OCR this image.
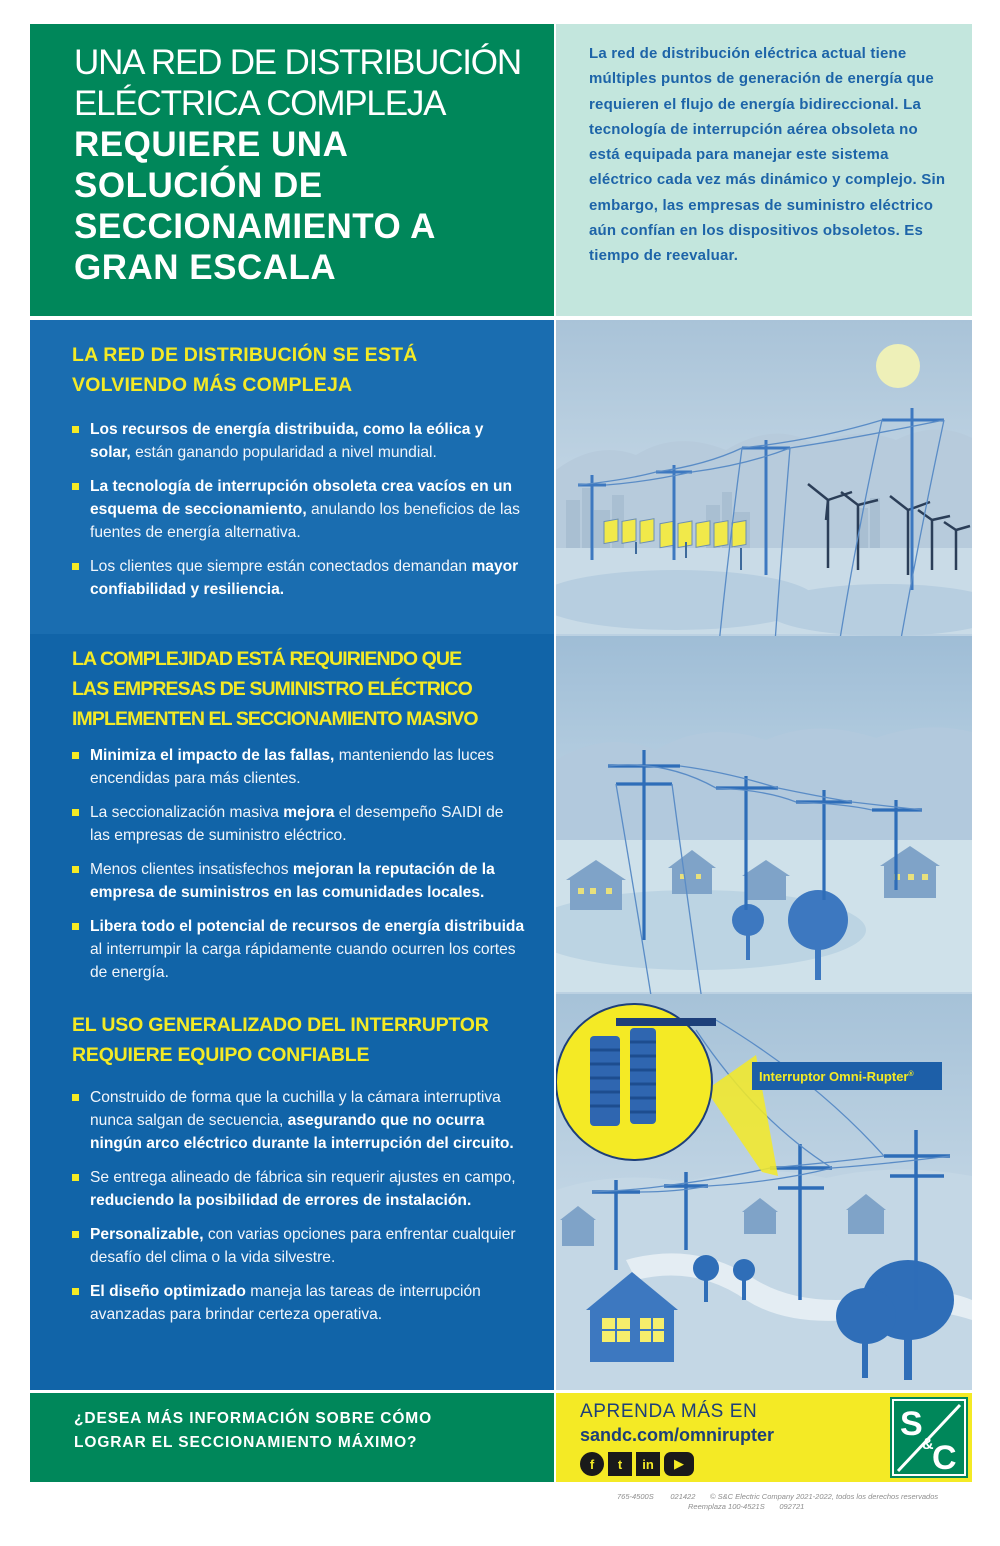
UNA RED DE DISTRIBUCIÓN
ELÉCTRICA COMPLEJA
REQUIERE UNA
SOLUCIÓN DE
SECCIONAMIENTO A
GRAN ESCALA

La red de distribución eléctrica actual tiene múltiples puntos de generación de energía que requieren el flujo de energía bidireccional. La tecnología de interrupción aérea obsoleta no está equipada para manejar este sistema eléctrico cada vez más dinámico y complejo. Sin embargo, las empresas de suministro eléctrico aún confían en los dispositivos obsoletos. Es tiempo de reevaluar.

LA RED DE DISTRIBUCIÓN SE ESTÁ
VOLVIENDO MÁS COMPLEJA
Los recursos de energía distribuida, como la eólica y solar, están ganando popularidad a nivel mundial.
La tecnología de interrupción obsoleta crea vacíos en un esquema de seccionamiento, anulando los beneficios de las fuentes de energía alternativa.
Los clientes que siempre están conectados demandan mayor confiabilidad y resiliencia.
LA COMPLEJIDAD ESTÁ REQUIRIENDO QUE
LAS EMPRESAS DE SUMINISTRO ELÉCTRICO
IMPLEMENTEN EL SECCIONAMIENTO MASIVO
Minimiza el impacto de las fallas, manteniendo las luces encendidas para más clientes.
La seccionalización masiva mejora el desempeño SAIDI de las empresas de suministro eléctrico.
Menos clientes insatisfechos mejoran la reputación de la empresa de suministros en las comunidades locales.
Libera todo el potencial de recursos de energía distribuida al interrumpir la carga rápidamente cuando ocurren los cortes de energía.
EL USO GENERALIZADO DEL INTERRUPTOR
REQUIERE EQUIPO CONFIABLE
Construido de forma que la cuchilla y la cámara interruptiva nunca salgan de secuencia, asegurando que no ocurra ningún arco eléctrico durante la interrupción del circuito.
Se entrega alineado de fábrica sin requerir ajustes en campo, reduciendo la posibilidad de errores de instalación.
Personalizable, con varias opciones para enfrentar cualquier desafío del clima o la vida silvestre.
El diseño optimizado maneja las tareas de interrupción avanzadas para brindar certeza operativa.
Interruptor Omni-Rupter®
¿DESEA MÁS INFORMACIÓN SOBRE CÓMO
LOGRAR EL SECCIONAMIENTO MÁXIMO?
APRENDA MÁS EN
sandc.com/omnirupter
f	t	in	▶
S
&
C
765-4500S 021422 © S&C Electric Company 2021-2022, todos los derechos reservados
Reemplaza 100-4521S 092721
